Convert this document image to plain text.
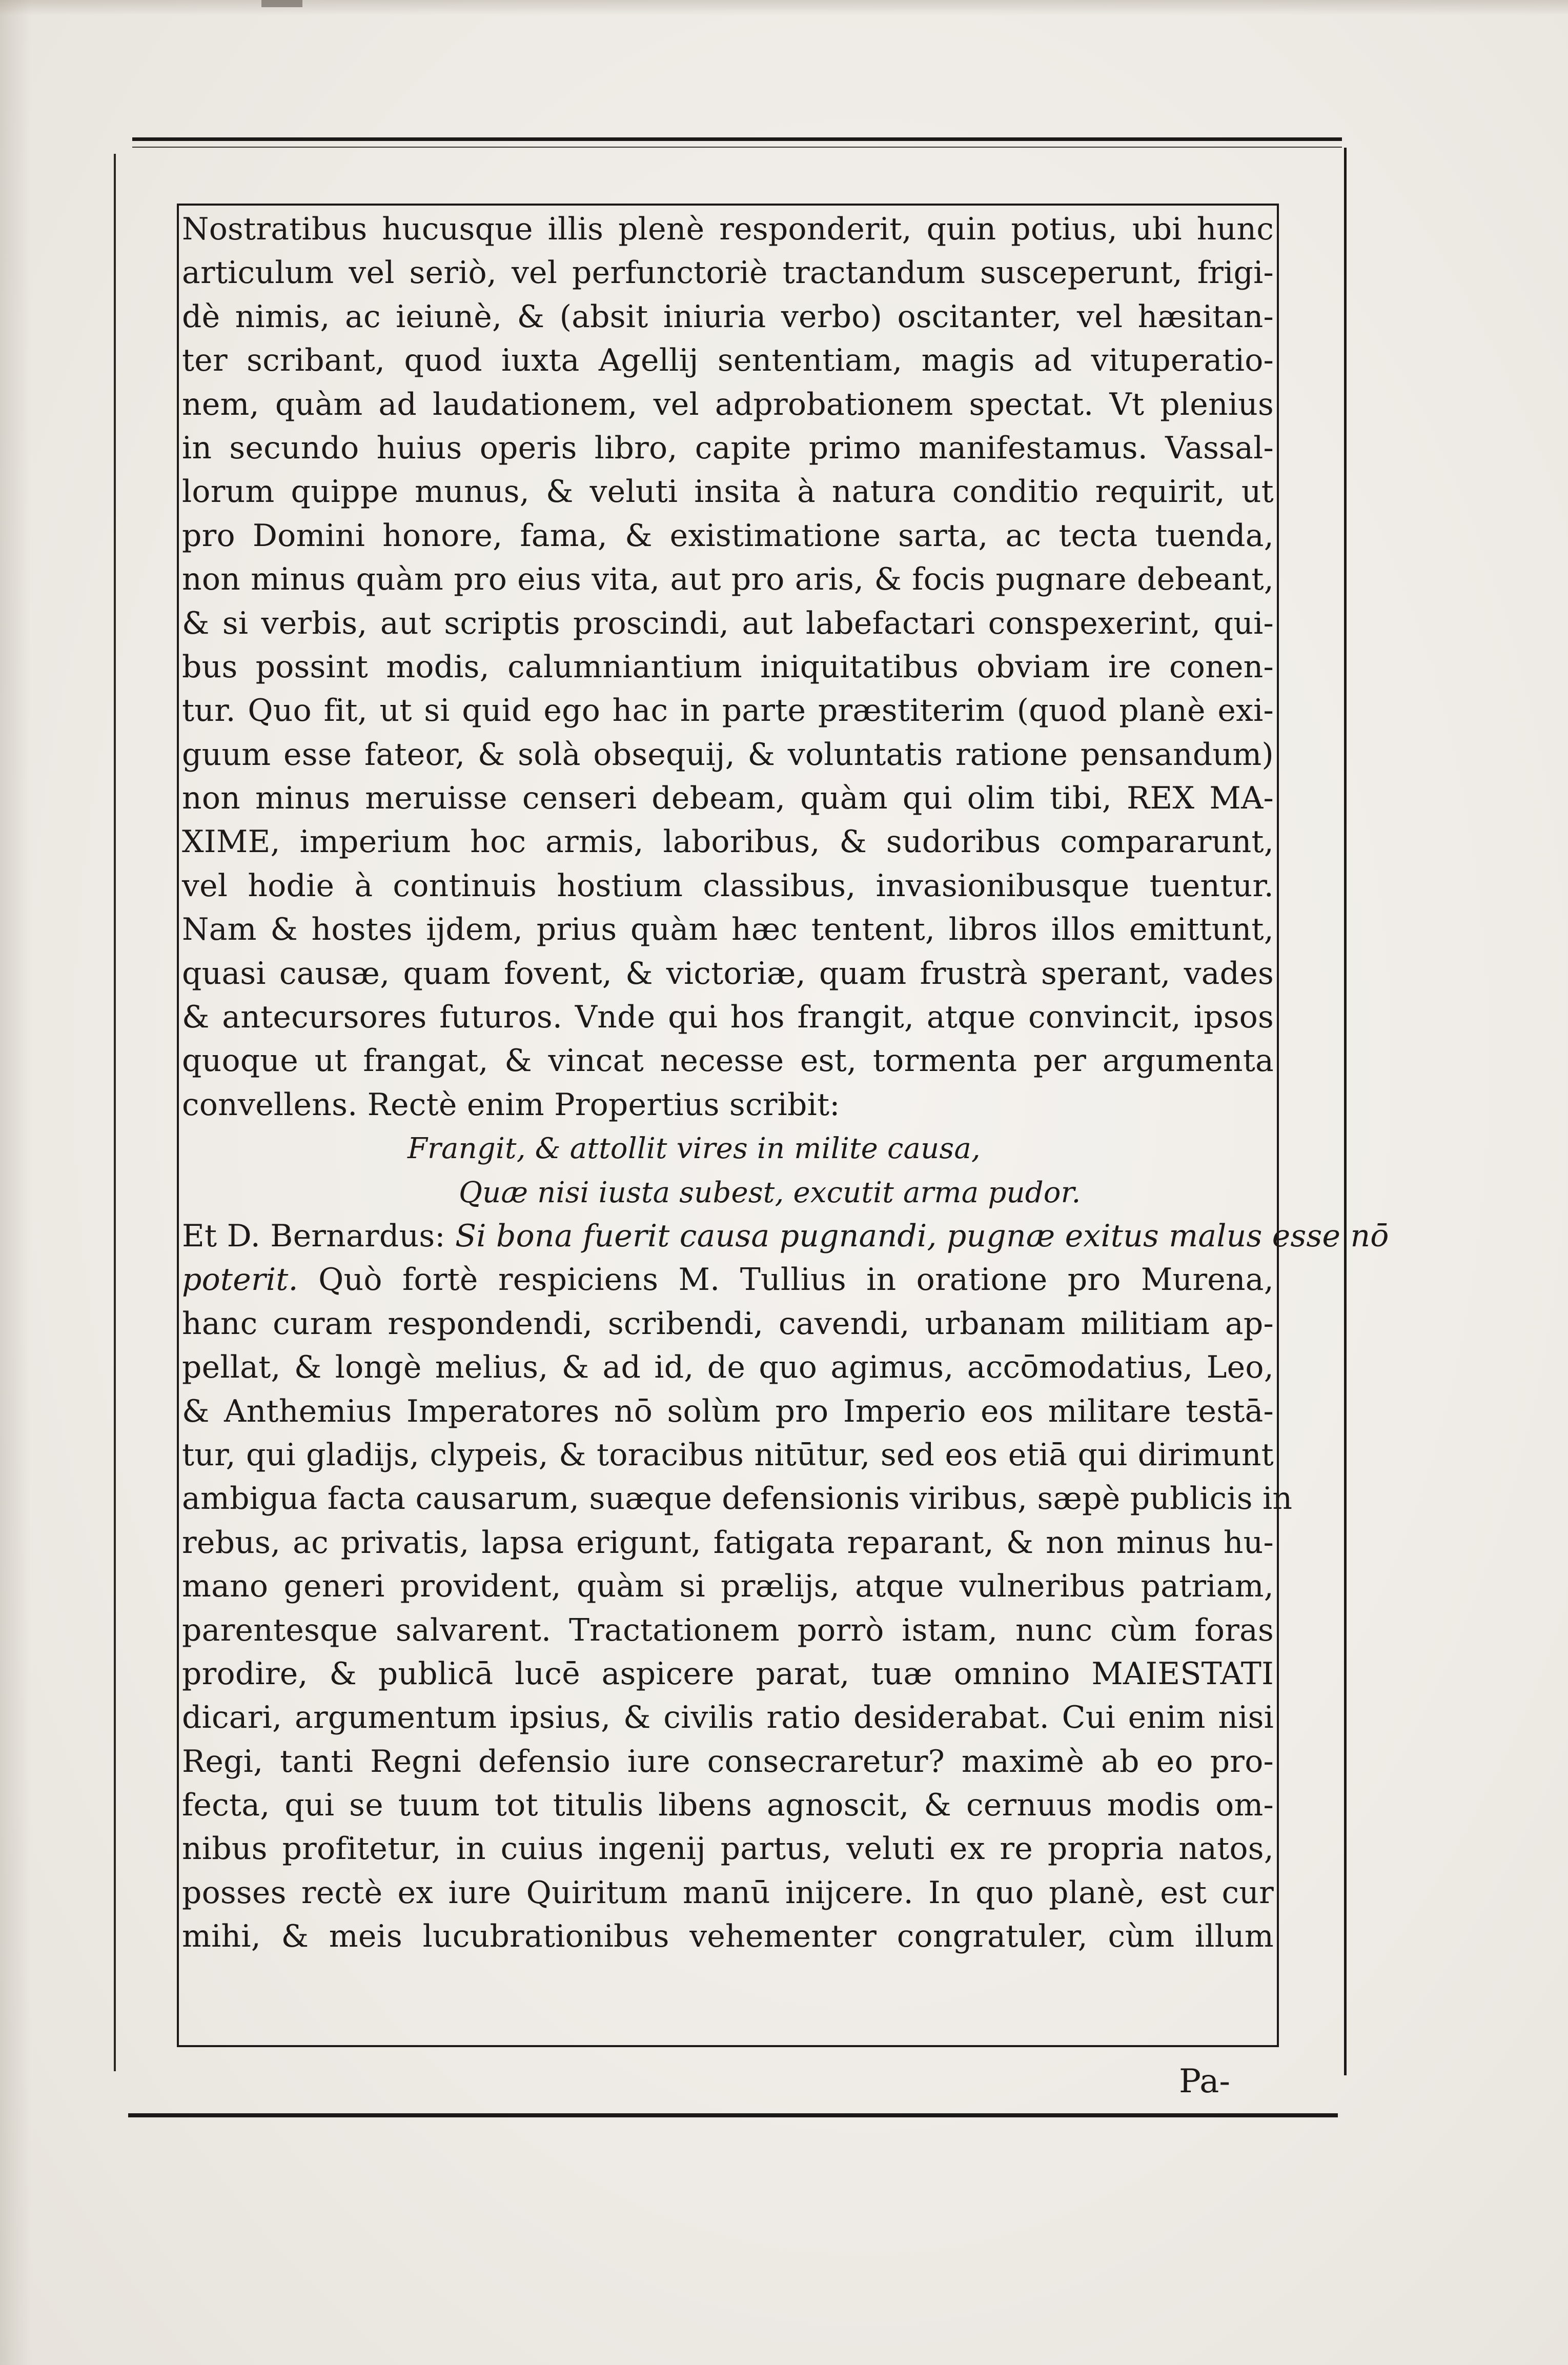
Nostratibus hucusque illis plenè responderit, quin potius, ubi hunc
articulum vel seriò, vel perfunctoriè tractandum susceperunt, frigi-
dè nimis, ac ieiunè, & (absit iniuria verbo) oscitanter, vel hæsitan-
ter scribant, quod iuxta Agellij sententiam, magis ad vituperatio-
nem, quàm ad laudationem, vel adprobationem spectat. Vt plenius
in secundo huius operis libro, capite primo manifestamus. Vassal-
lorum quippe munus, & veluti insita à natura conditio requirit, ut
pro Domini honore, fama, & existimatione sarta, ac tecta tuenda,
non minus quàm pro eius vita, aut pro aris, & focis pugnare debeant,
& si verbis, aut scriptis proscindi, aut labefactari conspexerint, qui-
bus possint modis, calumniantium iniquitatibus obviam ire conen-
tur. Quo fit, ut si quid ego hac in parte præstiterim (quod planè exi-
guum esse fateor, & solà obsequij, & voluntatis ratione pensandum)
non minus meruisse censeri debeam, quàm qui olim tibi, REX MA-
XIME, imperium hoc armis, laboribus, & sudoribus compararunt,
vel hodie à continuis hostium classibus, invasionibusque tuentur.
Nam & hostes ijdem, prius quàm hæc tentent, libros illos emittunt,
quasi causæ, quam fovent, & victoriæ, quam frustrà sperant, vades
& antecursores futuros. Vnde qui hos frangit, atque convincit, ipsos
quoque ut frangat, & vincat necesse est, tormenta per argumenta
convellens. Rectè enim Propertius scribit:
Frangit, & attollit vires in milite causa,
Quæ nisi iusta subest, excutit arma pudor.
Et D. Bernardus: Si bona fuerit causa pugnandi, pugnæ exitus malus esse nō
poterit. Quò fortè respiciens M. Tullius in oratione pro Murena,
hanc curam respondendi, scribendi, cavendi, urbanam militiam ap-
pellat, & longè melius, & ad id, de quo agimus, accōmodatius, Leo,
& Anthemius Imperatores nō solùm pro Imperio eos militare testā-
tur, qui gladijs, clypeis, & toracibus nitūtur, sed eos etiā qui dirimunt
ambigua facta causarum, suæque defensionis viribus, sæpè publicis in
rebus, ac privatis, lapsa erigunt, fatigata reparant, & non minus hu-
mano generi provident, quàm si prælijs, atque vulneribus patriam,
parentesque salvarent. Tractationem porrò istam, nunc cùm foras
prodire, & publicā lucē aspicere parat, tuæ omnino MAIESTATI
dicari, argumentum ipsius, & civilis ratio desiderabat. Cui enim nisi
Regi, tanti Regni defensio iure consecraretur? maximè ab eo pro-
fecta, qui se tuum tot titulis libens agnoscit, & cernuus modis om-
nibus profitetur, in cuius ingenij partus, veluti ex re propria natos,
posses rectè ex iure Quiritum manū inijcere. In quo planè, est cur
mihi, & meis lucubrationibus vehementer congratuler, cùm illum
Pa-
